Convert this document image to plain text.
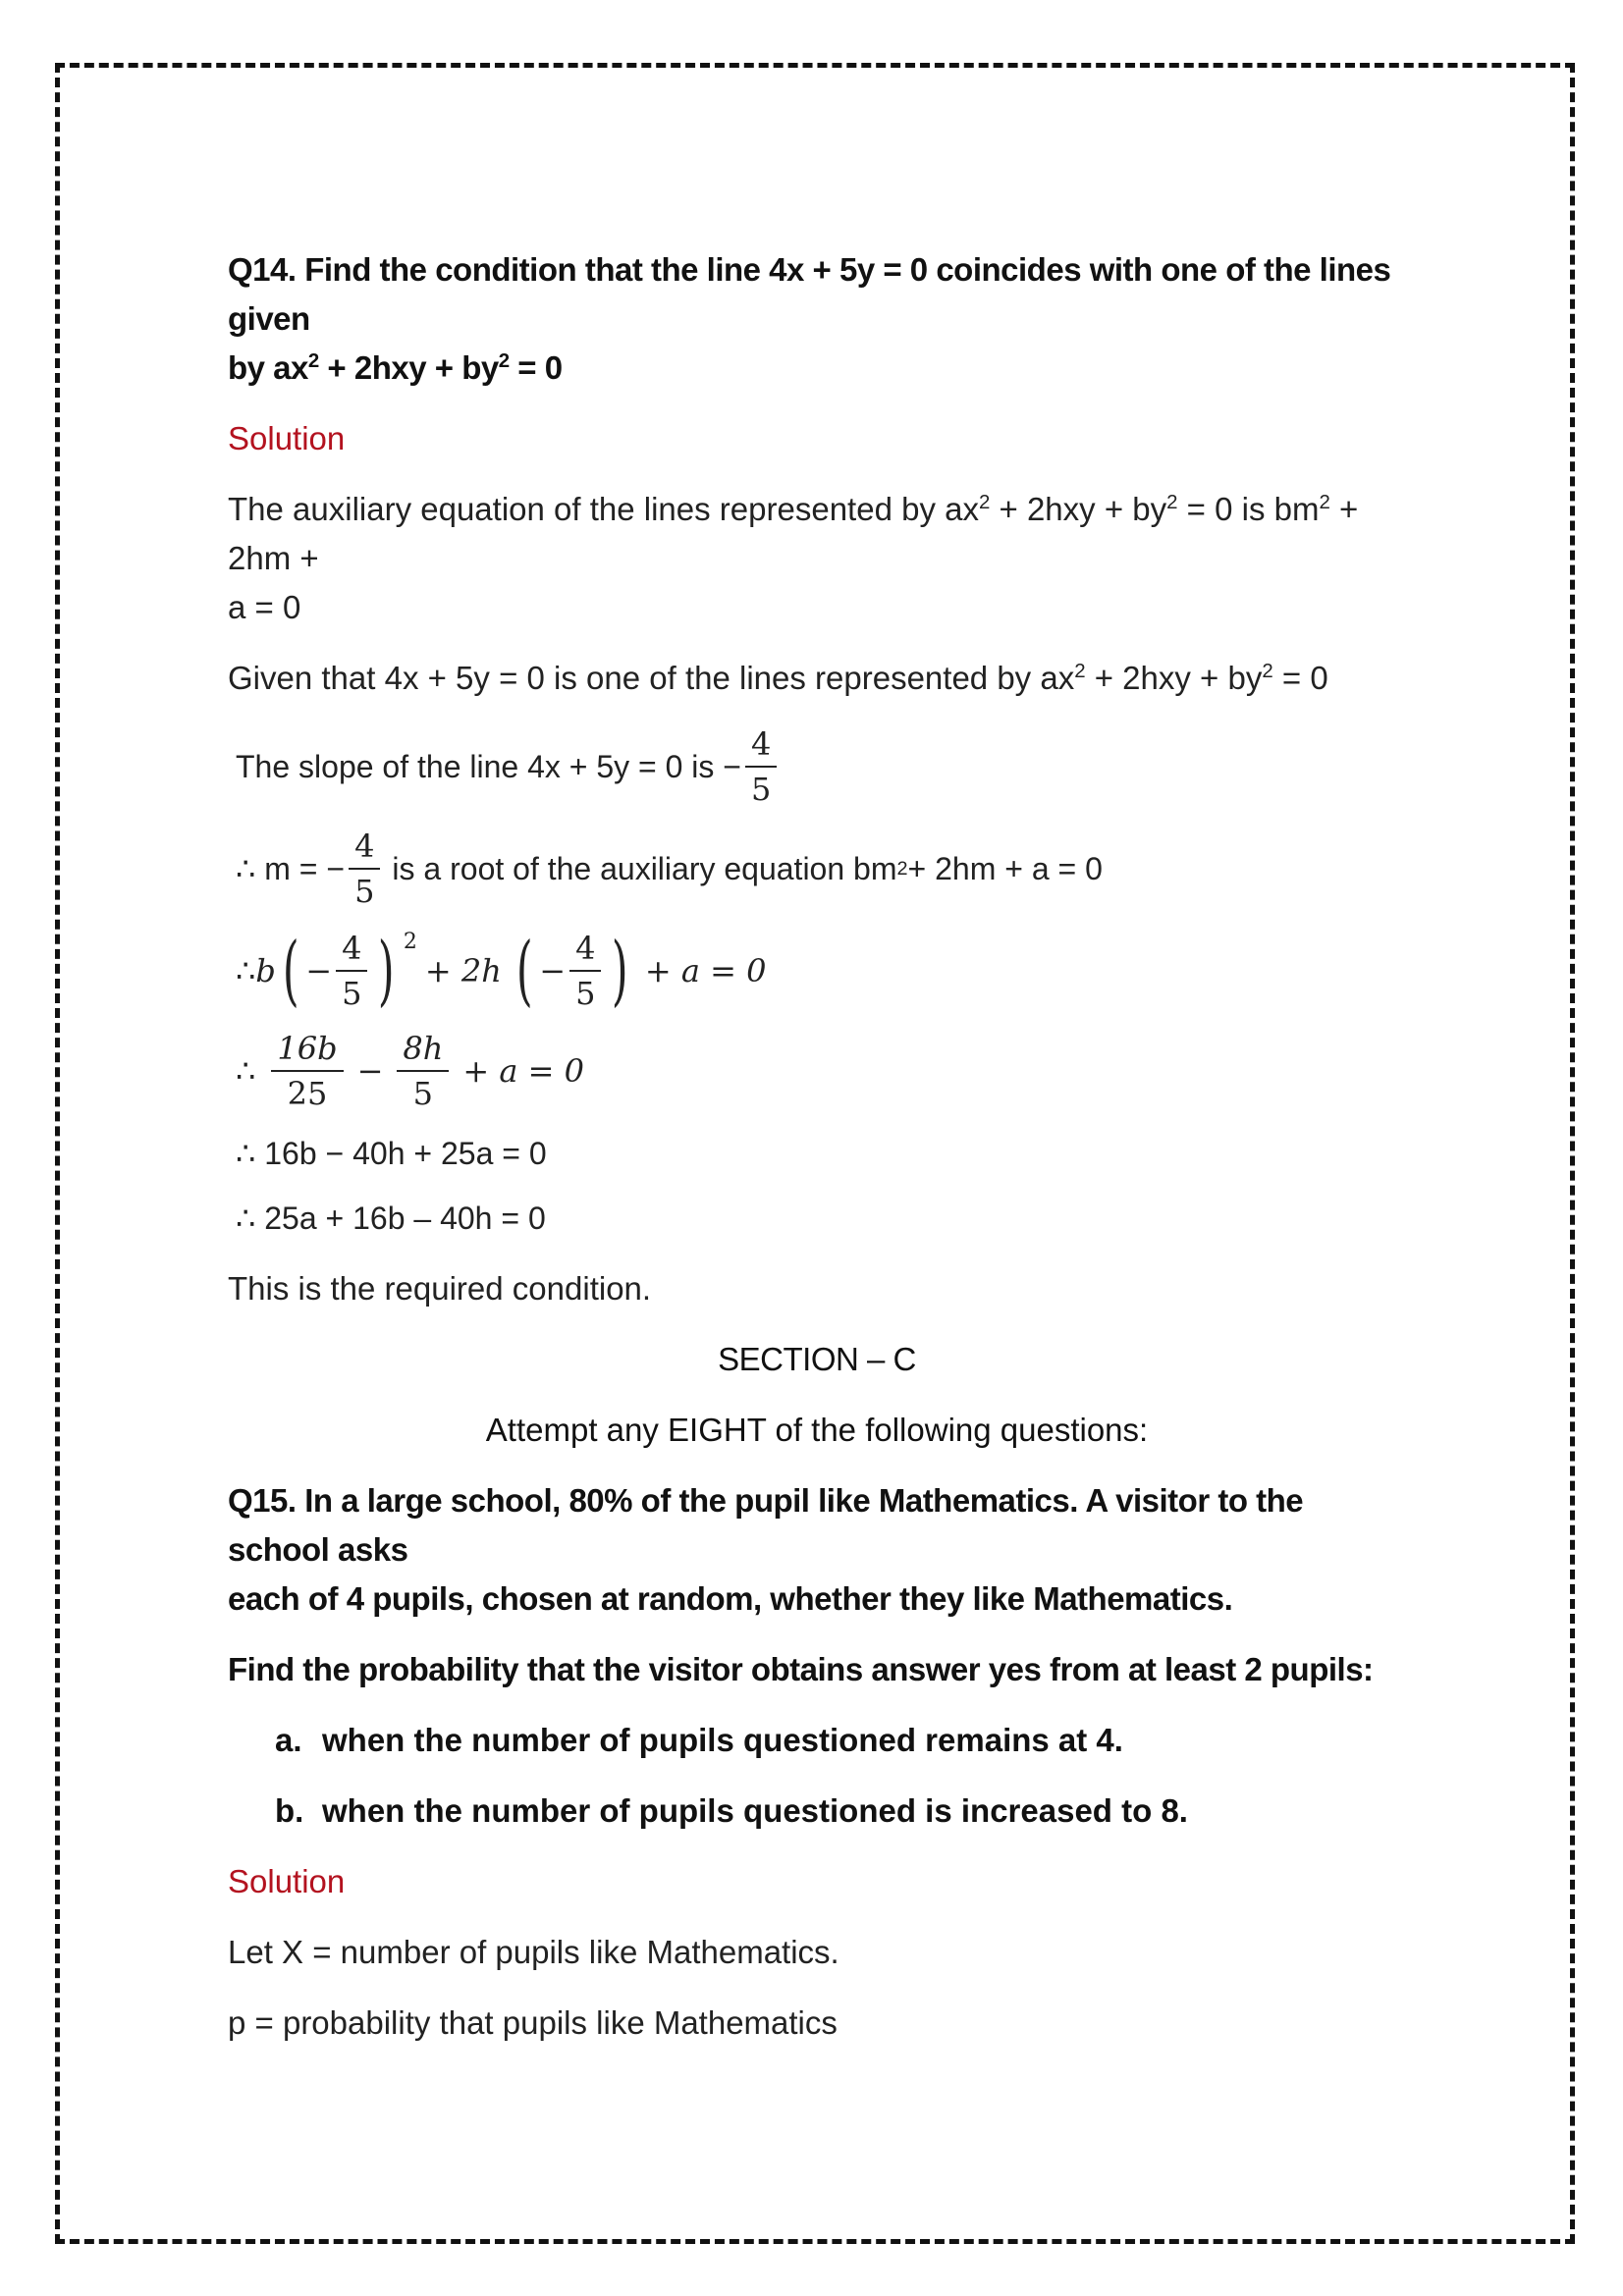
Q14. Find the condition that the line 4x + 5y = 0 coincides with one of the lines given
by $ax^2 + 2hxy + by^2 = 0$
Solution
The auxiliary equation of the lines represented by $ax^2 + 2hxy + by^2 = 0$ is $bm^2 + 2hm$ +
a = 0
Given that 4x + 5y = 0 is one of the lines represented by $ax^2 + 2hxy + by^2 = 0$
The slope of the line 4x + 5y = 0 is − $\frac{4}{5}$
∴ m = − $\frac{4}{5}$ is a root of the auxiliary equation bm 2 + 2hm + a = 0
∴ b ( − $\frac{4}{5}$ ) 2
+ 2h ( − $\frac{4}{5}$ ) + a = 0
∴ $\frac{16b}{25} - \frac{8h}{5} + a = 0$
∴ 16b − 40h + 25a = 0
∴ 25a + 16b – 40h = 0
This is the required condition.
SECTION – C
Attempt any EIGHT of the following questions:
Q15. In a large school, 80% of the pupil like Mathematics. A visitor to the school asks
each of 4 pupils, chosen at random, whether they like Mathematics.
Find the probability that the visitor obtains answer yes from at least 2 pupils:
a. when the number of pupils questioned remains at 4.
b. when the number of pupils questioned is increased to 8.
Solution
Let X = number of pupils like Mathematics.
p = probability that pupils like Mathematics
